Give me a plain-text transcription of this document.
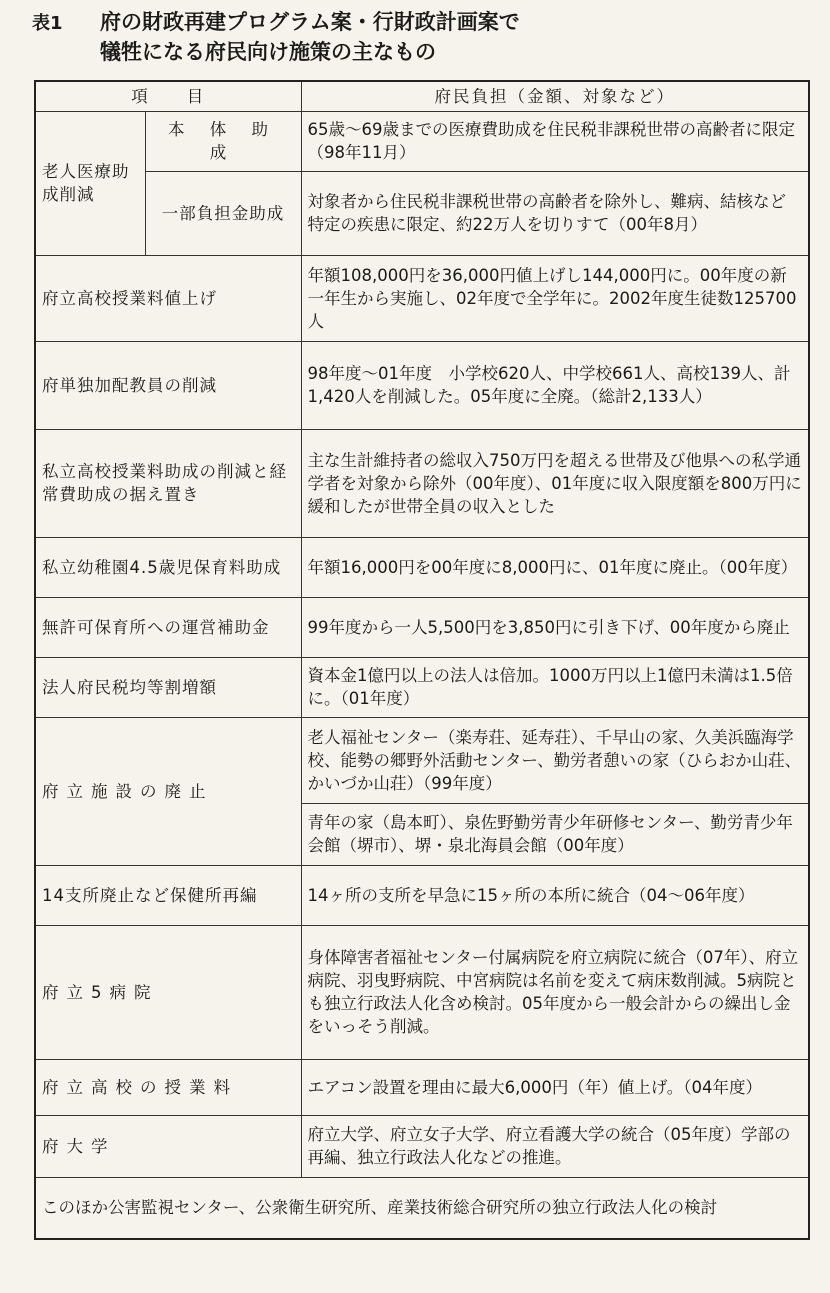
表1 府の財政再建プログラム案・行財政計画案で
犠牲になる府民向け施策の主なもの
項　　目		府民負担（金額、対象など）
老人医療助成削減	本 体 助 成	65歳〜69歳までの医療費助成を住民税非課税世帯の高齢者に限定（98年11月）
	一部負担金助成	対象者から住民税非課税世帯の高齢者を除外し、難病、結核など特定の疾患に限定、約22万人を切りすて（00年8月）
府立高校授業料値上げ		年額108,000円を36,000円値上げし144,000円に。00年度の新一年生から実施し、02年度で全学年に。2002年度生徒数125700人
府単独加配教員の削減		98年度〜01年度　小学校620人、中学校661人、高校139人、計1,420人を削減した。05年度に全廃。（総計2,133人）
私立高校授業料助成の削減と経常費助成の据え置き		主な生計維持者の総収入750万円を超える世帯及び他県への私学通学者を対象から除外（00年度）、01年度に収入限度額を800万円に緩和したが世帯全員の収入とした
私立幼稚園4.5歳児保育料助成		年額16,000円を00年度に8,000円に、01年度に廃止。（00年度）
無許可保育所への運営補助金		99年度から一人5,500円を3,850円に引き下げ、00年度から廃止
法人府民税均等割増額		資本金1億円以上の法人は倍加。1000万円以上1億円未満は1.5倍に。（01年度）
府立施設の廃止		老人福祉センター（楽寿荘、延寿荘）、千早山の家、久美浜臨海学校、能勢の郷野外活動センター、勤労者憩いの家（ひらおか山荘、かいづか山荘）（99年度）
		青年の家（島本町）、泉佐野勤労青少年研修センター、勤労青少年会館（堺市）、堺・泉北海員会館（00年度）
14支所廃止など保健所再編		14ヶ所の支所を早急に15ヶ所の本所に統合（04〜06年度）
府立5病院		身体障害者福祉センター付属病院を府立病院に統合（07年）、府立病院、羽曳野病院、中宮病院は名前を変えて病床数削減。5病院とも独立行政法人化含め検討。05年度から一般会計からの繰出し金をいっそう削減。
府立高校の授業料		エアコン設置を理由に最大6,000円（年）値上げ。（04年度）
府大学		府立大学、府立女子大学、府立看護大学の統合（05年度）学部の再編、独立行政法人化などの推進。
このほか公害監視センター、公衆衛生研究所、産業技術総合研究所の独立行政法人化の検討		
